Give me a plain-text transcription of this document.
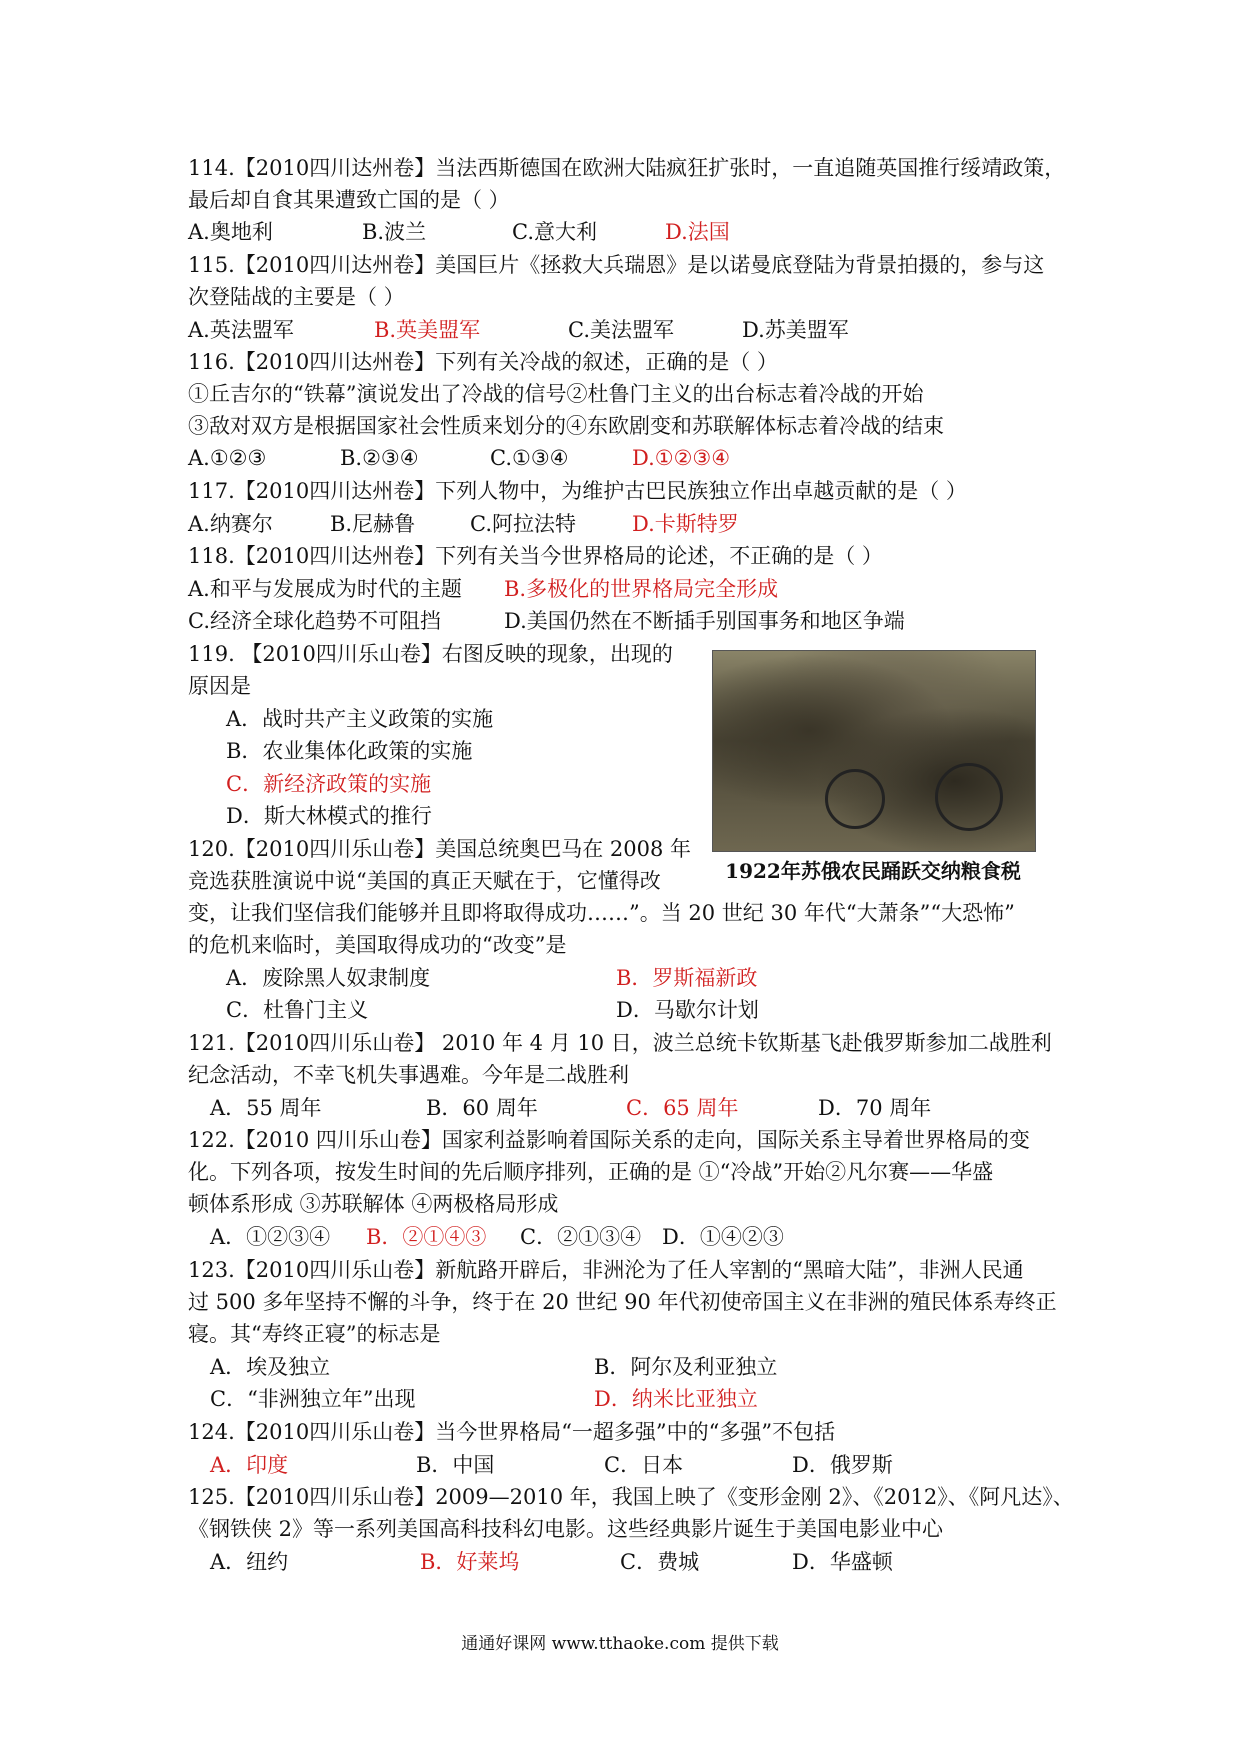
114.【2010四川达州卷】当法西斯德国在欧洲大陆疯狂扩张时，一直追随英国推行绥靖政策，
最后却自食其果遭致亡国的是（ ）
A.奥地利	B.波兰	C.意大利	D.法国
115.【2010四川达州卷】美国巨片《拯救大兵瑞恩》是以诺曼底登陆为背景拍摄的，参与这
次登陆战的主要是（ ）
A.英法盟军	B.英美盟军	C.美法盟军	D.苏美盟军
116.【2010四川达州卷】下列有关冷战的叙述，正确的是（ ）
①丘吉尔的“铁幕”演说发出了冷战的信号②杜鲁门主义的出台标志着冷战的开始
③敌对双方是根据国家社会性质来划分的④东欧剧变和苏联解体标志着冷战的结束
A.①②③	B.②③④	C.①③④	D.①②③④
117.【2010四川达州卷】下列人物中，为维护古巴民族独立作出卓越贡献的是（ ）
A.纳赛尔	B.尼赫鲁	C.阿拉法特	D.卡斯特罗
118.【2010四川达州卷】下列有关当今世界格局的论述，不正确的是（ ）
A.和平与发展成为时代的主题 B.多极化的世界格局完全形成
C.经济全球化趋势不可阻挡	D.美国仍然在不断插手别国事务和地区争端
119. 【2010四川乐山卷】右图反映的现象，出现的
原因是
A．战时共产主义政策的实施
B．农业集体化政策的实施
C．新经济政策的实施
D．斯大林模式的推行
1922年苏俄农民踊跃交纳粮食税
120.【2010四川乐山卷】美国总统奥巴马在 2008 年
竞选获胜演说中说“美国的真正天赋在于，它懂得改
变，让我们坚信我们能够并且即将取得成功……”。当 20 世纪 30 年代“大萧条”“大恐怖”
的危机来临时，美国取得成功的“改变”是
A．废除黑人奴隶制度	B．罗斯福新政
C．杜鲁门主义	D．马歇尔计划
121.【2010四川乐山卷】 2010 年 4 月 10 日，波兰总统卡钦斯基飞赴俄罗斯参加二战胜利
纪念活动，不幸飞机失事遇难。今年是二战胜利
A．55 周年	B．60 周年	C．65 周年	D．70 周年
122.【2010 四川乐山卷】国家利益影响着国际关系的走向，国际关系主导着世界格局的变
化。下列各项，按发生时间的先后顺序排列，正确的是 ①“冷战”开始②凡尔赛——华盛
顿体系形成 ③苏联解体 ④两极格局形成
A．①②③④ B．②①④③ C．②①③④ D．①④②③
123.【2010四川乐山卷】新航路开辟后，非洲沦为了任人宰割的“黑暗大陆”，非洲人民通
过 500 多年坚持不懈的斗争，终于在 20 世纪 90 年代初使帝国主义在非洲的殖民体系寿终正
寝。其“寿终正寝”的标志是
A．埃及独立	B．阿尔及利亚独立
C．“非洲独立年”出现	D．纳米比亚独立
124.【2010四川乐山卷】当今世界格局“一超多强”中的“多强”不包括
A．印度	B．中国	C．日本	D．俄罗斯
125.【2010四川乐山卷】2009—2010 年，我国上映了《变形金刚 2》、《2012》、《阿凡达》、
《钢铁侠 2》等一系列美国高科技科幻电影。这些经典影片诞生于美国电影业中心
A．纽约	B．好莱坞	C．费城	D．华盛顿
通通好课网 www.tthaoke.com 提供下载
